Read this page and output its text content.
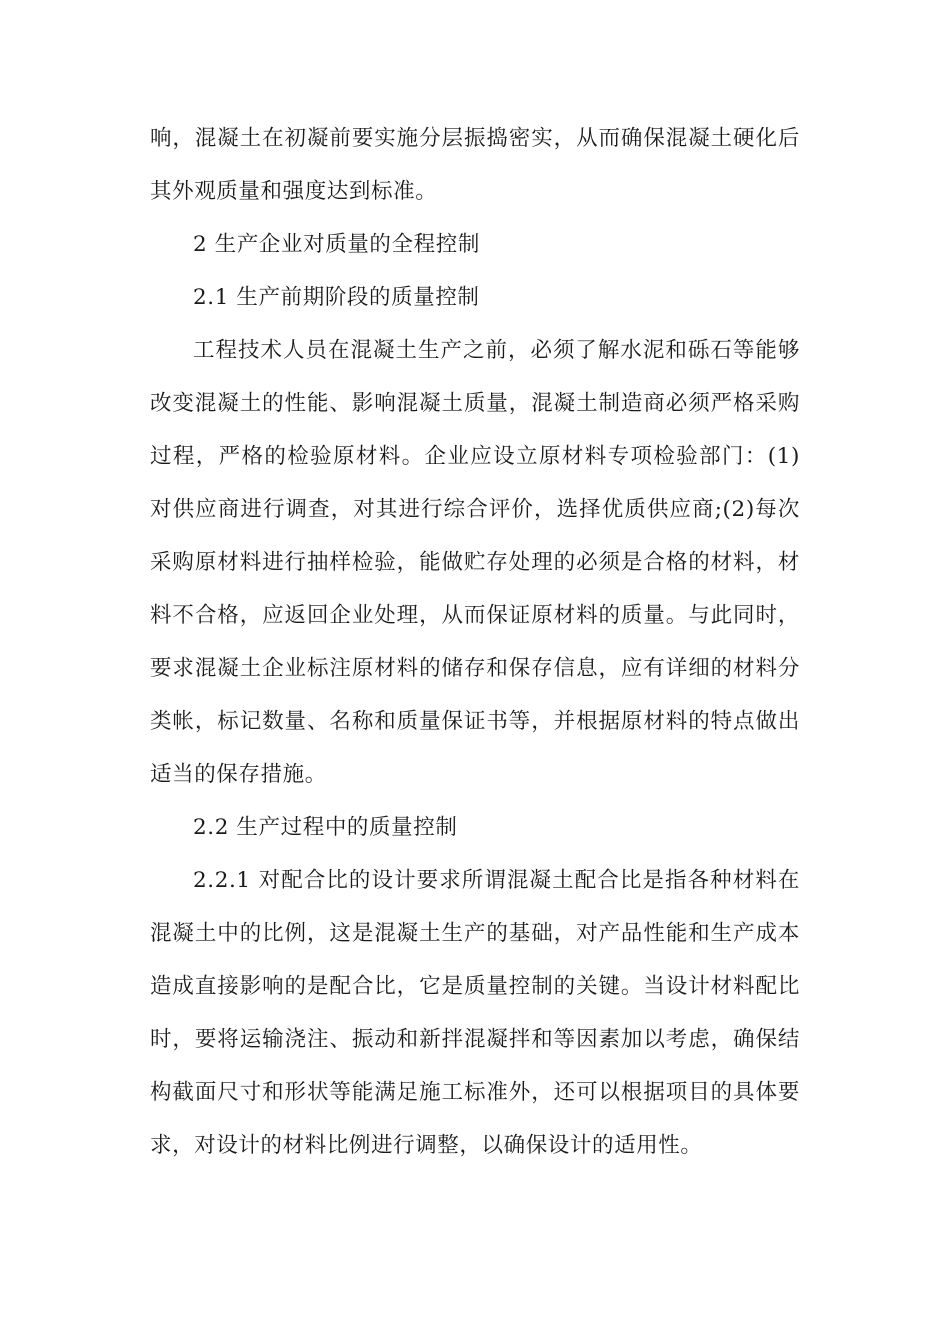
响，混凝土在初凝前要实施分层振捣密实，从而确保混凝土硬化后
其外观质量和强度达到标准。
2 生产企业对质量的全程控制
2.1 生产前期阶段的质量控制
工程技术人员在混凝土生产之前，必须了解水泥和砾石等能够
改变混凝土的性能、影响混凝土质量，混凝土制造商必须严格采购
过程，严格的检验原材料。企业应设立原材料专项检验部门：(1)
对供应商进行调查，对其进行综合评价，选择优质供应商;(2)每次
采购原材料进行抽样检验，能做贮存处理的必须是合格的材料，材
料不合格，应返回企业处理，从而保证原材料的质量。与此同时，
要求混凝土企业标注原材料的储存和保存信息，应有详细的材料分
类帐，标记数量、名称和质量保证书等，并根据原材料的特点做出
适当的保存措施。
2.2 生产过程中的质量控制
2.2.1 对配合比的设计要求所谓混凝土配合比是指各种材料在
混凝土中的比例，这是混凝土生产的基础，对产品性能和生产成本
造成直接影响的是配合比，它是质量控制的关键。当设计材料配比
时，要将运输浇注、振动和新拌混凝拌和等因素加以考虑，确保结
构截面尺寸和形状等能满足施工标准外，还可以根据项目的具体要
求，对设计的材料比例进行调整，以确保设计的适用性。
